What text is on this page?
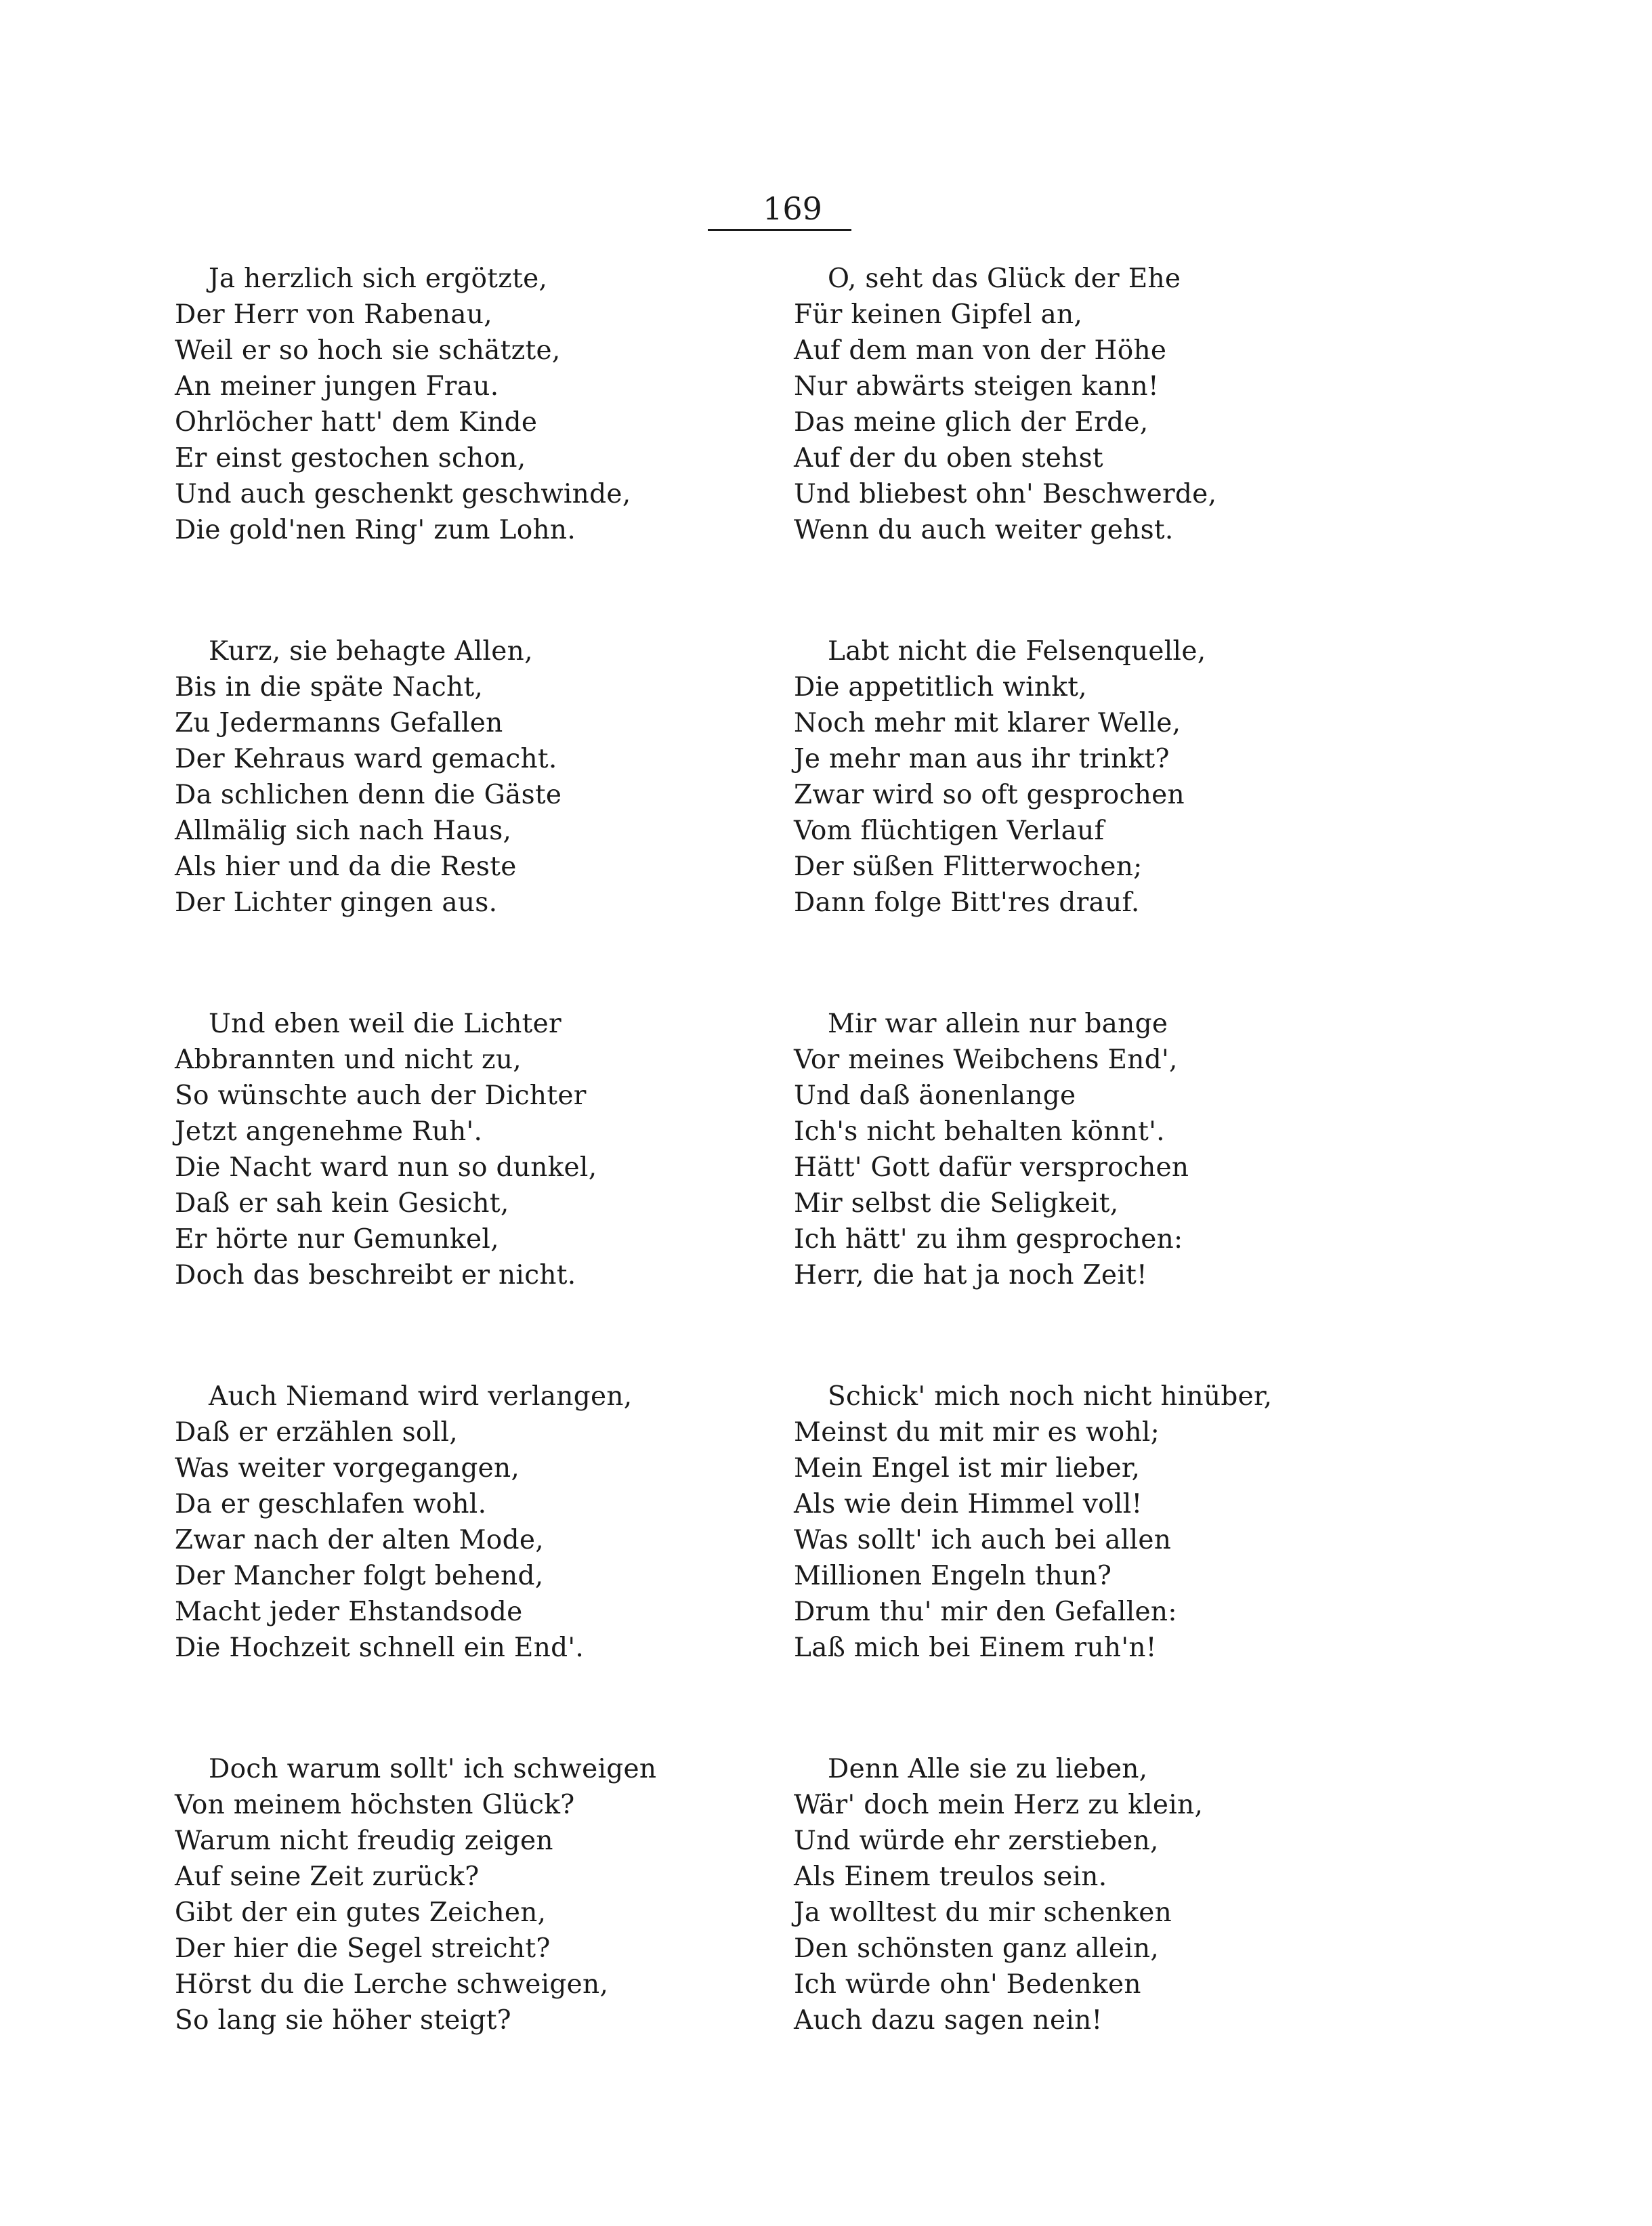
169
Ja herzlich sich ergötzte,
Der Herr von Rabenau,
Weil er so hoch sie schätzte,
An meiner jungen Frau.
Ohrlöcher hatt' dem Kinde
Er einst gestochen schon,
Und auch geschenkt geschwinde,
Die gold'nen Ring' zum Lohn.
Kurz, sie behagte Allen,
Bis in die späte Nacht,
Zu Jedermanns Gefallen
Der Kehraus ward gemacht.
Da schlichen denn die Gäste
Allmälig sich nach Haus,
Als hier und da die Reste
Der Lichter gingen aus.
Und eben weil die Lichter
Abbrannten und nicht zu,
So wünschte auch der Dichter
Jetzt angenehme Ruh'.
Die Nacht ward nun so dunkel,
Daß er sah kein Gesicht,
Er hörte nur Gemunkel,
Doch das beschreibt er nicht.
Auch Niemand wird verlangen,
Daß er erzählen soll,
Was weiter vorgegangen,
Da er geschlafen wohl.
Zwar nach der alten Mode,
Der Mancher folgt behend,
Macht jeder Ehstandsode
Die Hochzeit schnell ein End'.
Doch warum sollt' ich schweigen
Von meinem höchsten Glück?
Warum nicht freudig zeigen
Auf seine Zeit zurück?
Gibt der ein gutes Zeichen,
Der hier die Segel streicht?
Hörst du die Lerche schweigen,
So lang sie höher steigt?
O, seht das Glück der Ehe
Für keinen Gipfel an,
Auf dem man von der Höhe
Nur abwärts steigen kann!
Das meine glich der Erde,
Auf der du oben stehst
Und bliebest ohn' Beschwerde,
Wenn du auch weiter gehst.
Labt nicht die Felsenquelle,
Die appetitlich winkt,
Noch mehr mit klarer Welle,
Je mehr man aus ihr trinkt?
Zwar wird so oft gesprochen
Vom flüchtigen Verlauf
Der süßen Flitterwochen;
Dann folge Bitt'res drauf.
Mir war allein nur bange
Vor meines Weibchens End',
Und daß äonenlange
Ich's nicht behalten könnt'.
Hätt' Gott dafür versprochen
Mir selbst die Seligkeit,
Ich hätt' zu ihm gesprochen:
Herr, die hat ja noch Zeit!
Schick' mich noch nicht hinüber,
Meinst du mit mir es wohl;
Mein Engel ist mir lieber,
Als wie dein Himmel voll!
Was sollt' ich auch bei allen
Millionen Engeln thun?
Drum thu' mir den Gefallen:
Laß mich bei Einem ruh'n!
Denn Alle sie zu lieben,
Wär' doch mein Herz zu klein,
Und würde ehr zerstieben,
Als Einem treulos sein.
Ja wolltest du mir schenken
Den schönsten ganz allein,
Ich würde ohn' Bedenken
Auch dazu sagen nein!
